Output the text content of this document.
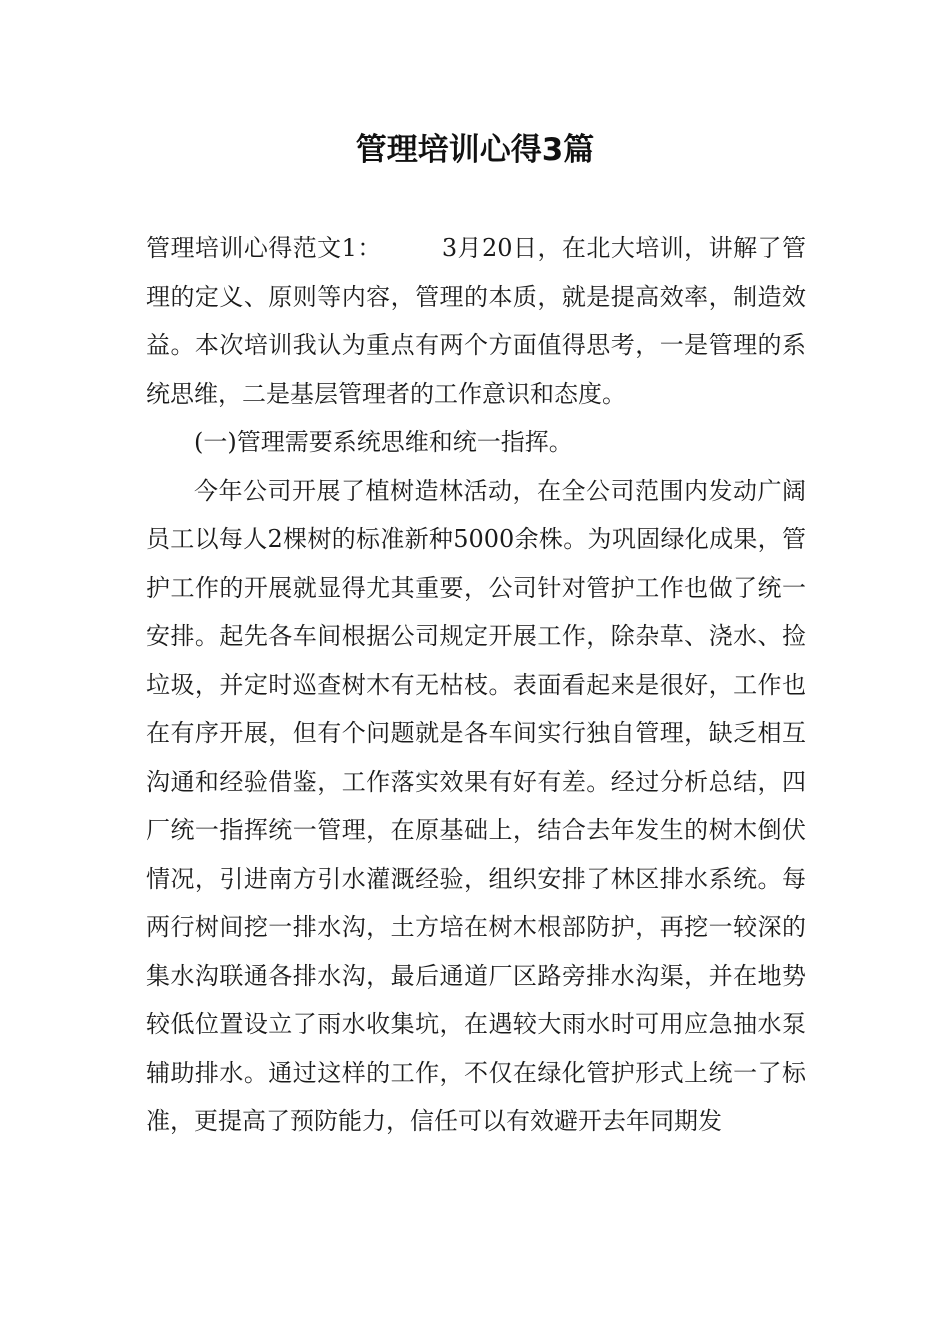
管理培训心得3篇

管理培训心得范文1：	3月20日，在北大培训，讲解了管理的定义、原则等内容，管理的本质，就是提高效率，制造效益。本次培训我认为重点有两个方面值得思考，一是管理的系统思维，二是基层管理者的工作意识和态度。

(一)管理需要系统思维和统一指挥。

今年公司开展了植树造林活动，在全公司范围内发动广阔员工以每人2棵树的标准新种5000余株。为巩固绿化成果，管护工作的开展就显得尤其重要，公司针对管护工作也做了统一安排。起先各车间根据公司规定开展工作，除杂草、浇水、捡垃圾，并定时巡查树木有无枯枝。表面看起来是很好，工作也在有序开展，但有个问题就是各车间实行独自管理，缺乏相互沟通和经验借鉴，工作落实效果有好有差。经过分析总结，四厂统一指挥统一管理，在原基础上，结合去年发生的树木倒伏情况，引进南方引水灌溉经验，组织安排了林区排水系统。每两行树间挖一排水沟，土方培在树木根部防护，再挖一较深的集水沟联通各排水沟，最后通道厂区路旁排水沟渠，并在地势较低位置设立了雨水收集坑，在遇较大雨水时可用应急抽水泵辅助排水。通过这样的工作，不仅在绿化管护形式上统一了标准，更提高了预防能力，信任可以有效避开去年同期发
